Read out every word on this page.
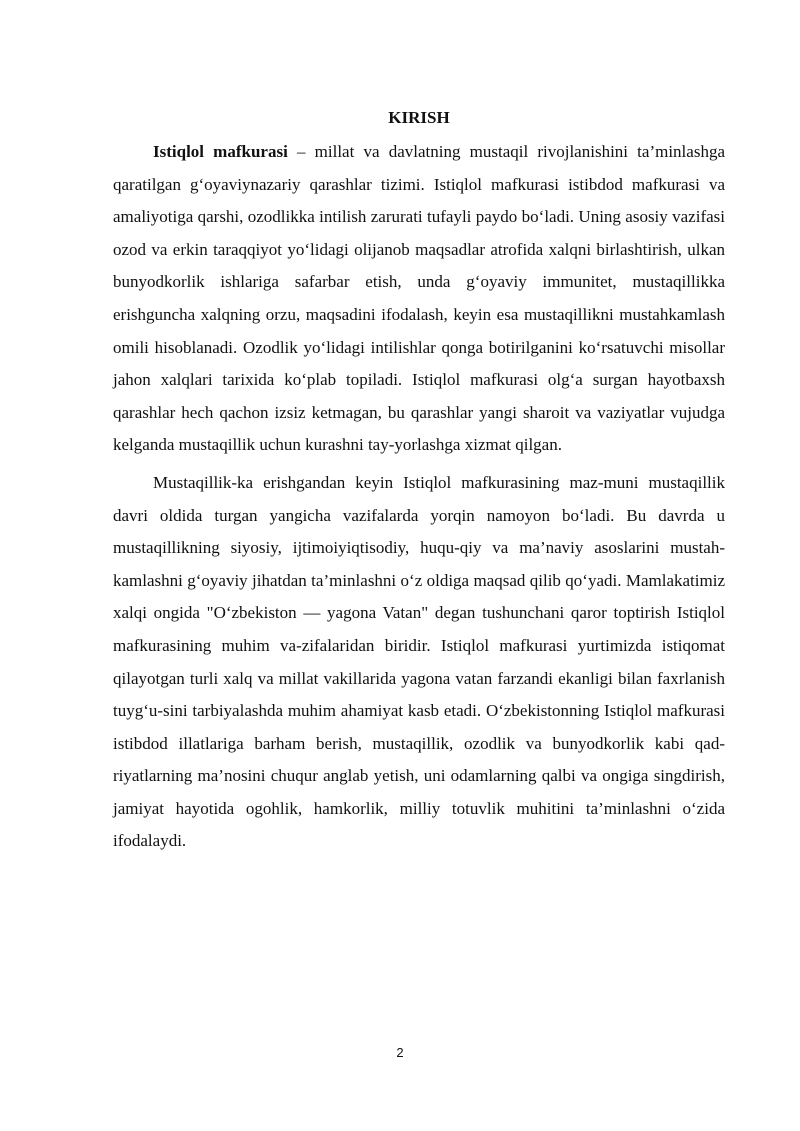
KIRISH

Istiqlol mafkurasi – millat va davlatning mustaqil rivojlanishini ta’minlashga qaratilgan g‘oyaviynazariy qarashlar tizimi. Istiqlol mafkurasi istibdod mafkurasi va amaliyotiga qarshi, ozodlikka intilish zarurati tufayli paydo bo‘ladi. Uning asosiy vazifasi ozod va erkin taraqqiyot yo‘lidagi olijanob maqsadlar atrofida xalqni birlashtirish, ulkan bunyodkorlik ishlariga safarbar etish, unda g‘oyaviy immunitet, mustaqillikka erishguncha xalqning orzu, maqsadini ifodalash, keyin esa mustaqillikni mustahkamlash omili hisoblanadi. Ozodlik yo‘lidagi intilishlar qonga botirilganini ko‘rsatuvchi misollar jahon xalqlari tarixida ko‘plab topiladi. Istiqlol mafkurasi olg‘a surgan hayotbaxsh qarashlar hech qachon izsiz ketmagan, bu qarashlar yangi sharoit va vaziyatlar vujudga kelganda mustaqillik uchun kurashni tay-yorlashga xizmat qilgan.

Mustaqillik-ka erishgandan keyin Istiqlol mafkurasining maz-muni mustaqillik davri oldida turgan yangicha vazifalarda yorqin namoyon bo‘ladi. Bu davrda u mustaqillikning siyosiy, ijtimoiyiqtisodiy, huqu-qiy va ma’naviy asoslarini mustah-kamlashni g‘oyaviy jihatdan ta’minlashni o‘z oldiga maqsad qilib qo‘yadi. Mamlakatimiz xalqi ongida "O‘zbekiston — yagona Vatan" degan tushunchani qaror toptirish Istiqlol mafkurasining muhim va-zifalaridan biridir. Istiqlol mafkurasi yurtimizda istiqomat qilayotgan turli xalq va millat vakillarida yagona vatan farzandi ekanligi bilan faxrlanish tuyg‘u-sini tarbiyalashda muhim ahamiyat kasb etadi. O‘zbekistonning Istiqlol mafkurasi istibdod illatlariga barham berish, mustaqillik, ozodlik va bunyodkorlik kabi qad-riyatlarning ma’nosini chuqur anglab yetish, uni odamlarning qalbi va ongiga singdirish, jamiyat hayotida ogohlik, hamkorlik, milliy totuvlik muhitini ta’minlashni o‘zida ifodalaydi.

2
